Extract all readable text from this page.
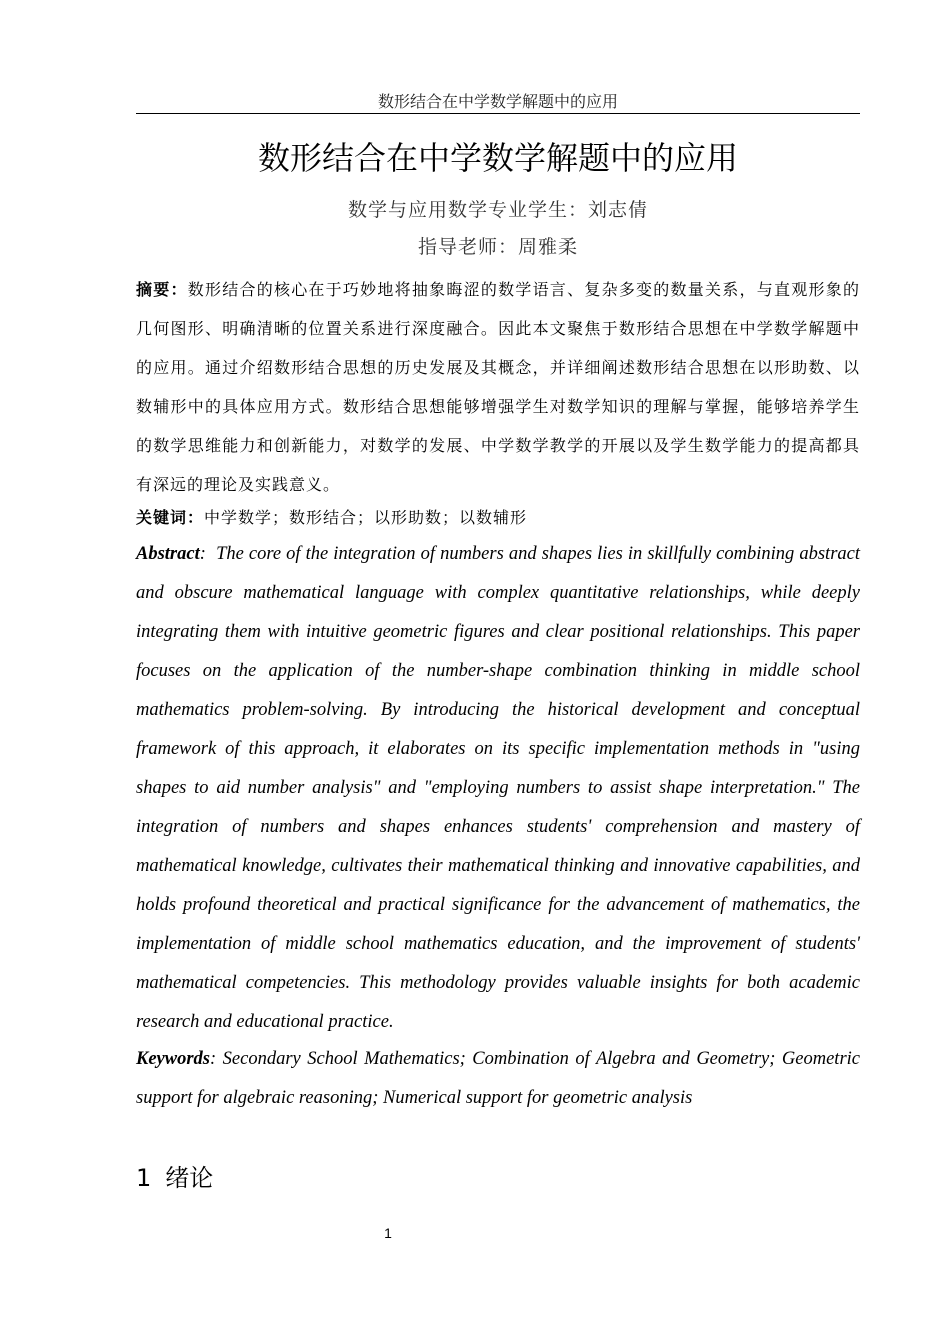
数形结合在中学数学解题中的应用
数形结合在中学数学解题中的应用
数学与应用数学专业学生：刘志倩
指导老师：周雅柔

摘要：数形结合的核心在于巧妙地将抽象晦涩的数学语言、复杂多变的数量关系，与直观形象的几何图形、明确清晰的位置关系进行深度融合。因此本文聚焦于数形结合思想在中学数学解题中的应用。通过介绍数形结合思想的历史发展及其概念，并详细阐述数形结合思想在以形助数、以数辅形中的具体应用方式。数形结合思想能够增强学生对数学知识的理解与掌握，能够培养学生的数学思维能力和创新能力，对数学的发展、中学数学教学的开展以及学生数学能力的提高都具有深远的理论及实践意义。

关键词：中学数学；数形结合；以形助数；以数辅形

Abstract:  The core of the integration of numbers and shapes lies in skillfully combining abstract and obscure mathematical language with complex quantitative relationships, while deeply integrating them with intuitive geometric figures and clear positional relationships. This paper focuses on the application of the number-shape combination thinking in middle school mathematics problem-solving. By introducing the historical development and conceptual framework of this approach, it elaborates on its specific implementation methods in "using shapes to aid number analysis" and "employing numbers to assist shape interpretation." The integration of numbers and shapes enhances students' comprehension and mastery of mathematical knowledge, cultivates their mathematical thinking and innovative capabilities, and holds profound theoretical and practical significance for the advancement of mathematics, the implementation of middle school mathematics education, and the improvement of students' mathematical competencies. This methodology provides valuable insights for both academic research and educational practice.

Keywords: Secondary School Mathematics; Combination of Algebra and Geometry; Geometric support for algebraic reasoning; Numerical support for geometric analysis

1 绪论
1
